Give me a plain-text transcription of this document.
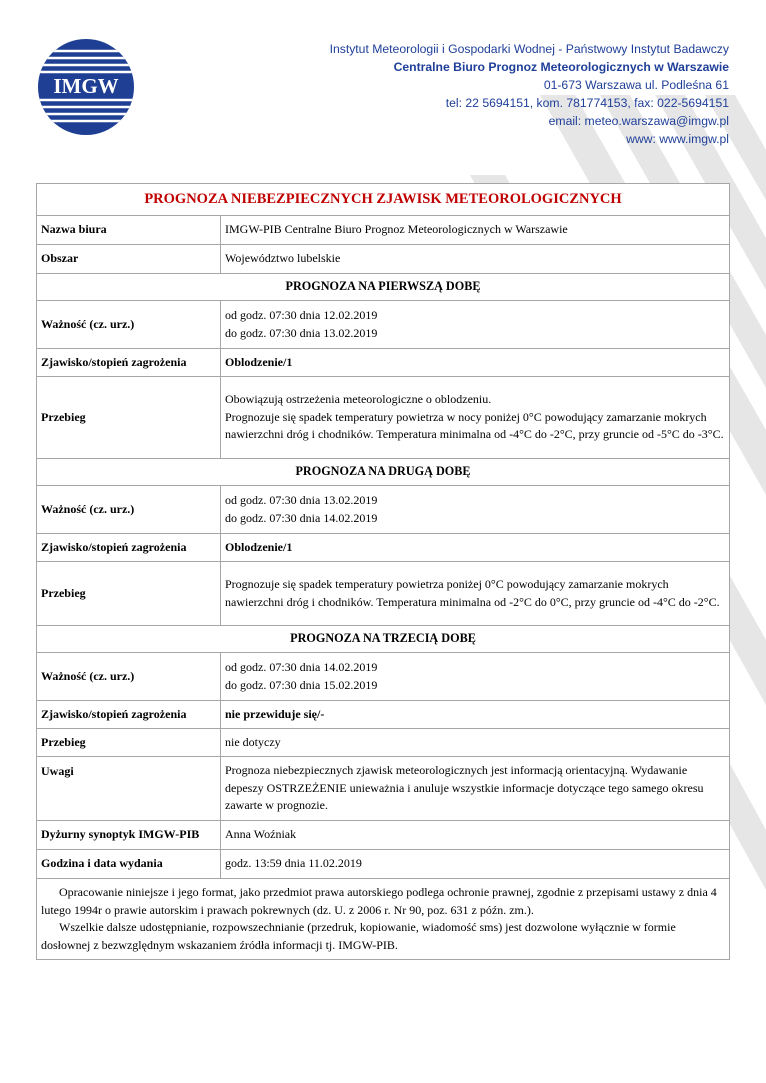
IMGW
Instytut Meteorologii i Gospodarki Wodnej - Państwowy Instytut Badawczy
Centralne Biuro Prognoz Meteorologicznych w Warszawie
01-673 Warszawa ul. Podleśna 61
tel: 22 5694151, kom. 781774153, fax: 022-5694151
email: meteo.warszawa@imgw.pl
www: www.imgw.pl
PROGNOZA NIEBEZPIECZNYCH ZJAWISK METEOROLOGICZNYCH	
Nazwa biura	IMGW-PIB Centralne Biuro Prognoz Meteorologicznych w Warszawie
Obszar	Województwo lubelskie
PROGNOZA NA PIERWSZĄ DOBĘ	
Ważność (cz. urz.)	od godz. 07:30 dnia 12.02.2019
do godz. 07:30 dnia 13.02.2019

Zjawisko/stopień zagrożenia	Oblodzenie/1
Przebieg	Obowiązują ostrzeżenia meteorologiczne o oblodzeniu.
Prognozuje się spadek temperatury powietrza w nocy poniżej 0°C powodujący zamarzanie mokrych nawierzchni dróg i chodników. Temperatura minimalna od -4°C do -2°C, przy gruncie od -5°C do -3°C.

PROGNOZA NA DRUGĄ DOBĘ	
Ważność (cz. urz.)	od godz. 07:30 dnia 13.02.2019
do godz. 07:30 dnia 14.02.2019

Zjawisko/stopień zagrożenia	Oblodzenie/1
Przebieg	Prognozuje się spadek temperatury powietrza poniżej 0°C powodujący zamarzanie mokrych nawierzchni dróg i chodników. Temperatura minimalna od -2°C do 0°C, przy gruncie od -4°C do -2°C.
PROGNOZA NA TRZECIĄ DOBĘ	
Ważność (cz. urz.)	od godz. 07:30 dnia 14.02.2019
do godz. 07:30 dnia 15.02.2019

Zjawisko/stopień zagrożenia	nie przewiduje się/-
Przebieg	nie dotyczy
Uwagi	Prognoza niebezpiecznych zjawisk meteorologicznych jest informacją orientacyjną. Wydawanie depeszy OSTRZEŻENIE unieważnia i anuluje wszystkie informacje dotyczące tego samego okresu zawarte w prognozie.
Dyżurny synoptyk IMGW-PIB	Anna Woźniak
Godzina i data wydania	godz. 13:59 dnia 11.02.2019

Opracowanie niniejsze i jego format, jako przedmiot prawa autorskiego podlega ochronie prawnej, zgodnie z przepisami ustawy z dnia 4 lutego 1994r o prawie autorskim i prawach pokrewnych (dz. U. z 2006 r. Nr 90, poz. 631 z późn. zm.).

Wszelkie dalsze udostępnianie, rozpowszechnianie (przedruk, kopiowanie, wiadomość sms) jest dozwolone wyłącznie w formie dosłownej z bezwzględnym wskazaniem źródła informacji tj. IMGW-PIB.	
